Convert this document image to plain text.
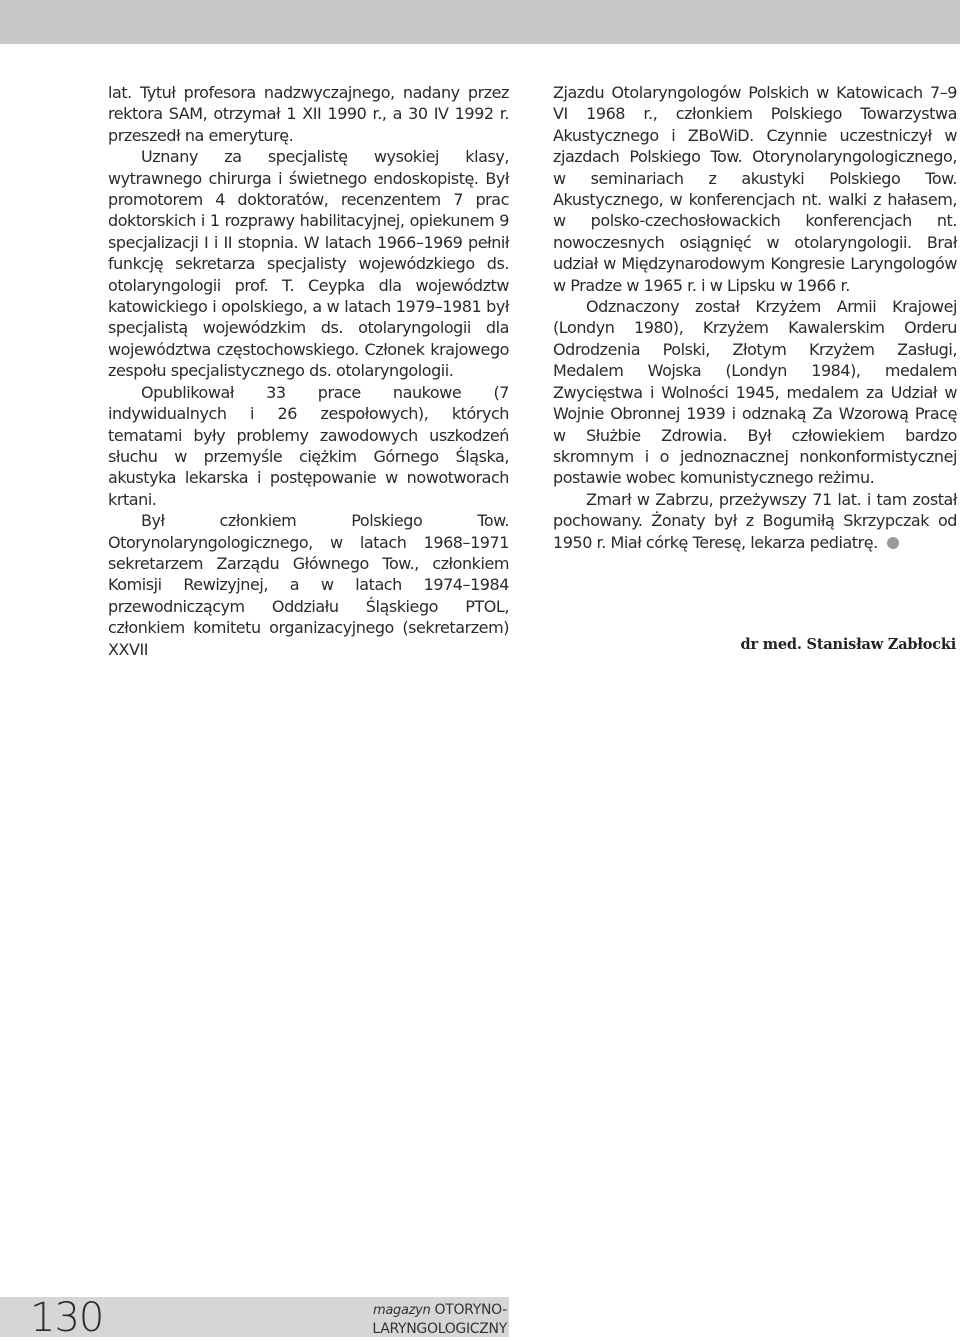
lat. Tytuł profesora nadzwyczajnego, nadany przez rektora SAM, otrzymał 1 XII 1990 r., a 30 IV 1992 r. przeszedł na emeryturę.

Uznany za specjalistę wysokiej klasy, wytrawnego chirurga i świetnego endoskopistę. Był promotorem 4 doktoratów, recenzentem 7 prac doktorskich i 1 rozprawy habilitacyjnej, opiekunem 9 specjalizacji I i II stopnia. W latach 1966–1969 pełnił funkcję sekretarza specjalisty wojewódzkiego ds. otolaryngologii prof. T. Ceypka dla województw katowickiego i opolskiego, a w latach 1979–1981 był specjalistą wojewódzkim ds. otolaryngologii dla województwa częstochowskiego. Członek krajowego zespołu specjalistycznego ds. otolaryngologii.

Opublikował 33 prace naukowe (7 indywidualnych i 26 zespołowych), których tematami były problemy zawodowych uszkodzeń słuchu w przemyśle ciężkim Górnego Śląska, akustyka lekarska i postępowanie w nowotworach krtani.

Był członkiem Polskiego Tow. Otorynolaryngologicznego, w latach 1968–1971 sekretarzem Zarządu Głównego Tow., członkiem Komisji Rewizyjnej, a w latach 1974–1984 przewodniczącym Oddziału Śląskiego PTOL, członkiem komitetu organizacyjnego (sekretarzem) XXVII

Zjazdu Otolaryngologów Polskich w Katowicach 7–9 VI 1968 r., członkiem Polskiego Towarzystwa Akustycznego i ZBoWiD. Czynnie uczestniczył w zjazdach Polskiego Tow. Otorynolaryngologicznego, w seminariach z akustyki Polskiego Tow. Akustycznego, w konferencjach nt. walki z hałasem, w polsko-czechosłowackich konferencjach nt. nowoczesnych osiągnięć w otolaryngologii. Brał udział w Międzynarodowym Kongresie Laryngologów w Pradze w 1965 r. i w Lipsku w 1966 r.

Odznaczony został Krzyżem Armii Krajowej (Londyn 1980), Krzyżem Kawalerskim Orderu Odrodzenia Polski, Złotym Krzyżem Zasługi, Medalem Wojska (Londyn 1984), medalem Zwycięstwa i Wolności 1945, medalem za Udział w Wojnie Obronnej 1939 i odznaką Za Wzorową Pracę w Służbie Zdrowia. Był człowiekiem bardzo skromnym i o jednoznacznej nonkonformistycznej postawie wobec komunistycznego reżimu.

Zmarł w Zabrzu, przeżywszy 71 lat. i tam został pochowany. Żonaty był z Bogumiłą Skrzypczak od 1950 r. Miał córkę Teresę, lekarza pediatrę.

dr med. Stanisław Zabłocki
130	magazyn OTORYNO-
LARYNGOLOGICZNY
